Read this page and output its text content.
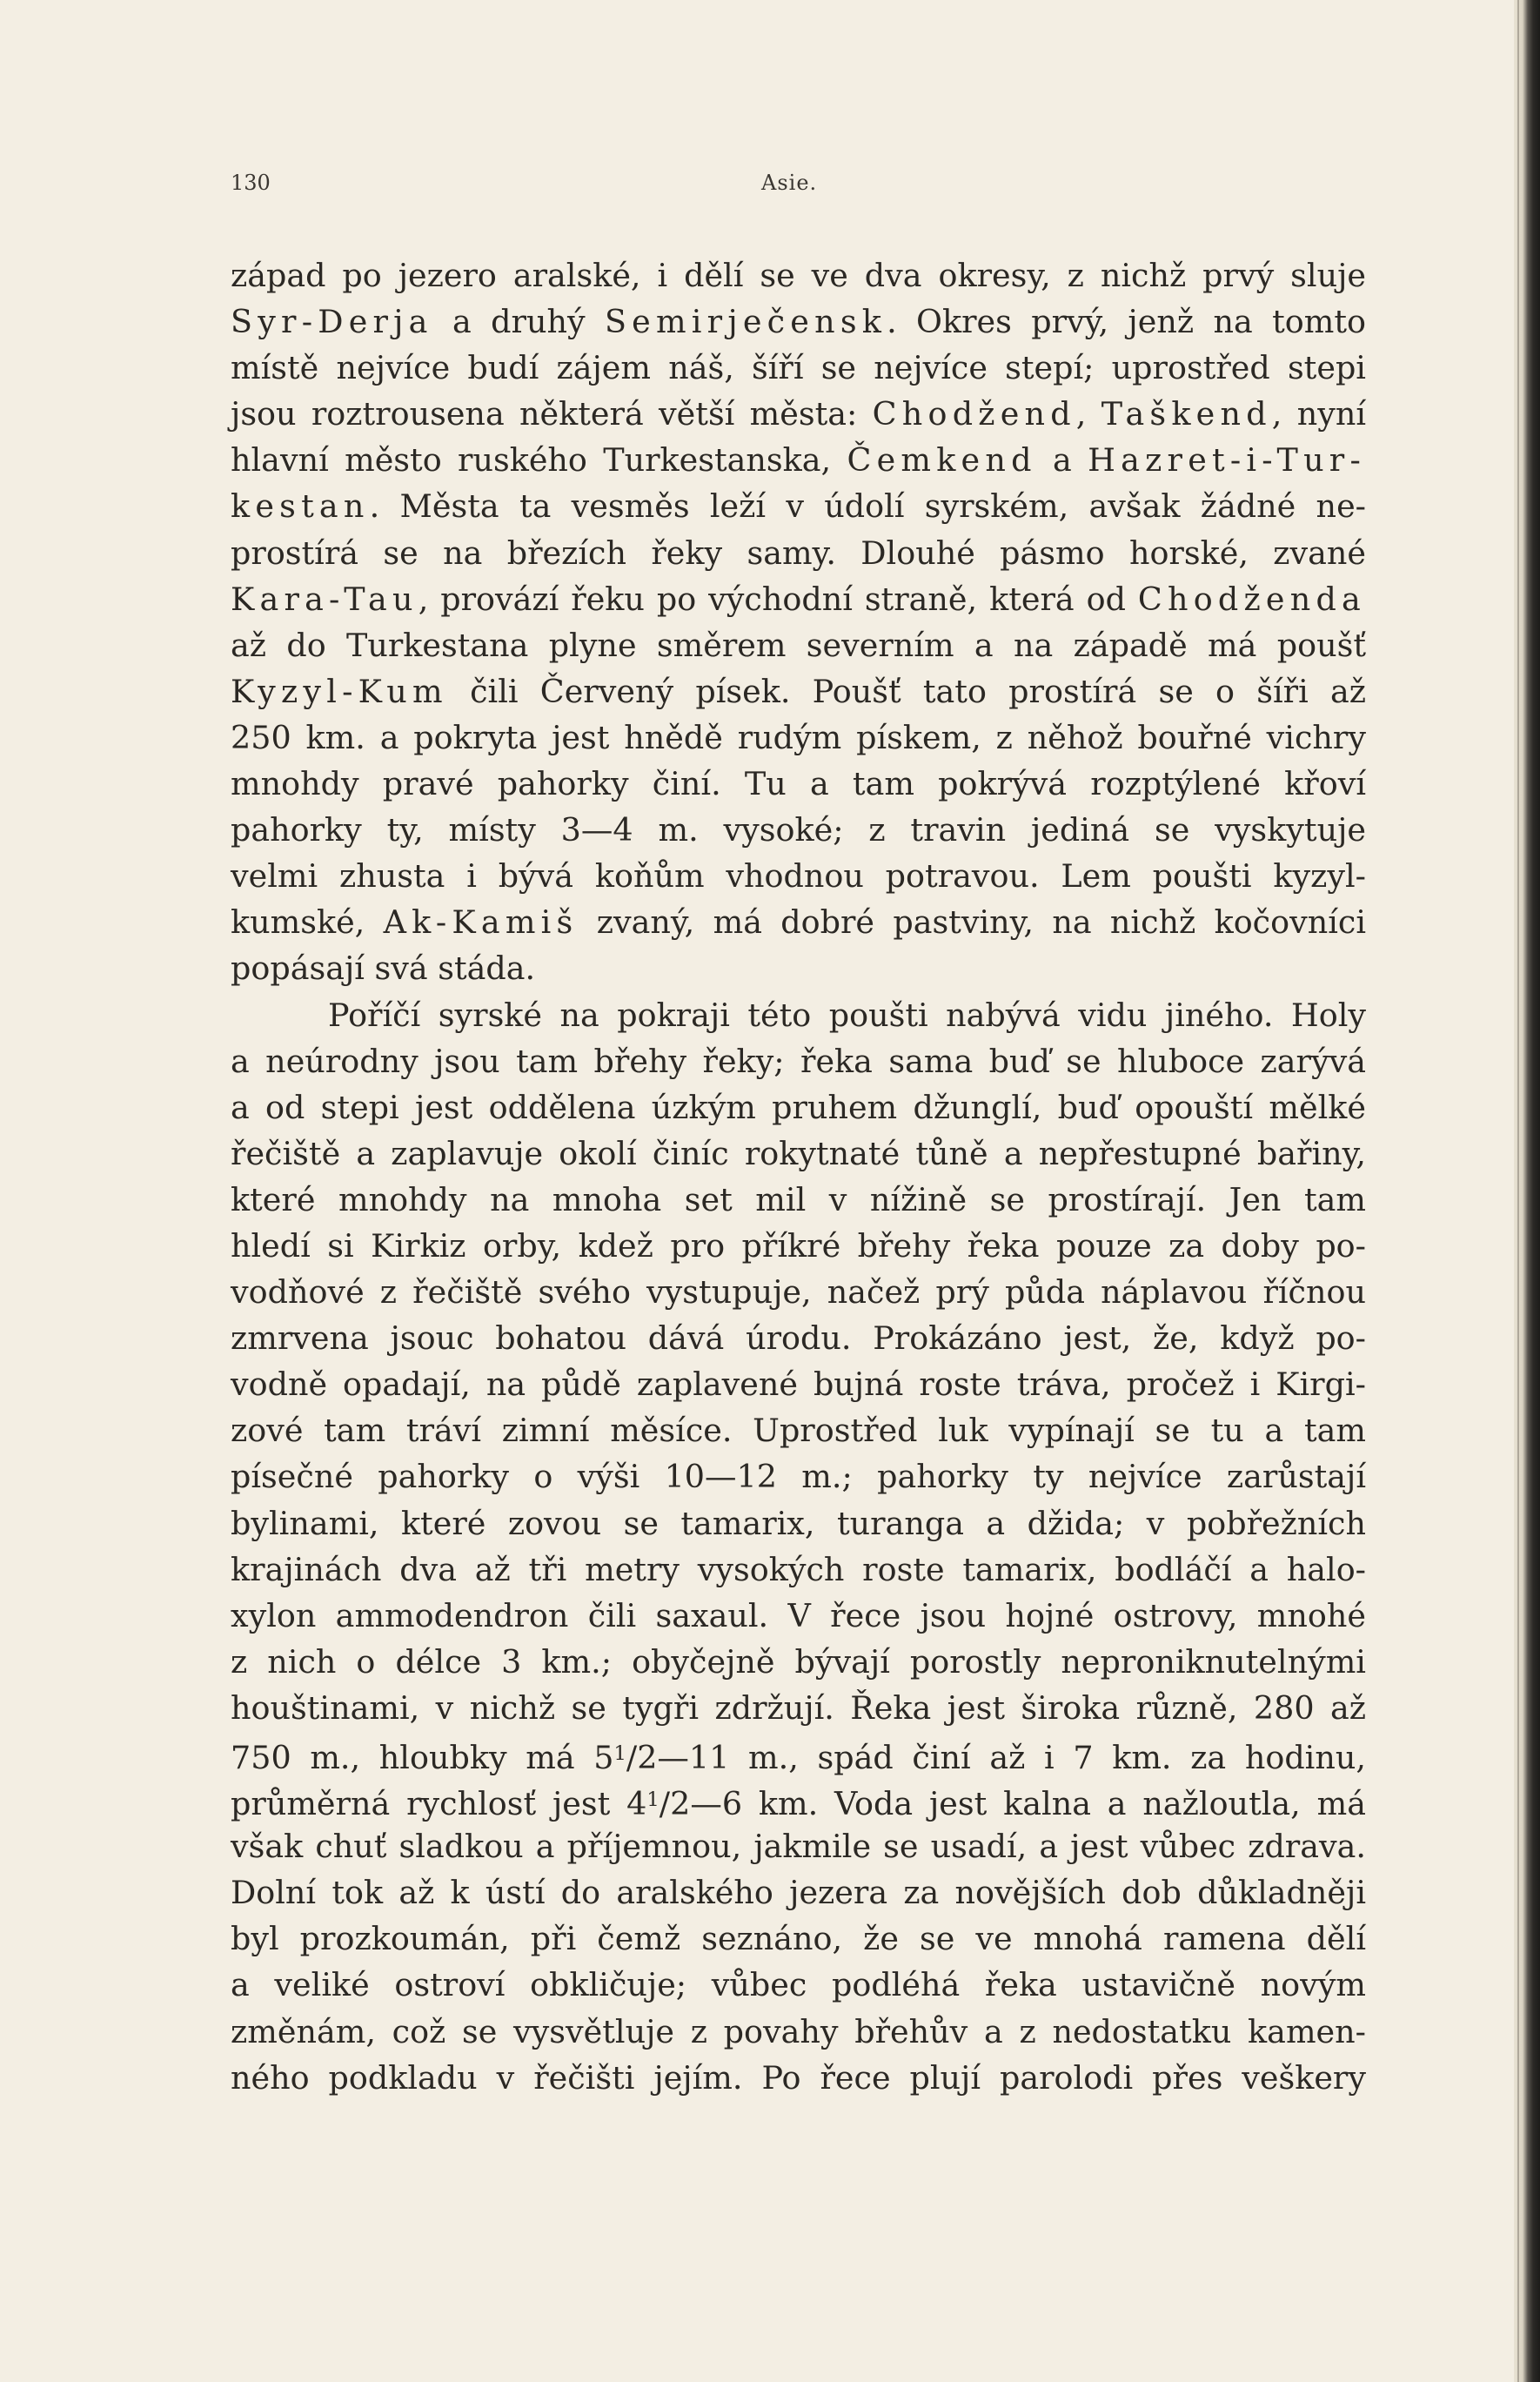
130	Asie.
západ po jezero aralské, i dělí se ve dva okresy, z nichž prvý sluje
Syr-Derja a druhý Semirječensk. Okres prvý, jenž na tomto
místě nejvíce budí zájem náš, šíří se nejvíce stepí; uprostřed stepi
jsou roztrousena některá větší města: Chodžend, Taškend, nyní
hlavní město ruského Turkestanska, Čemkend a Hazret-i-Tur-
kestan. Města ta vesměs leží v údolí syrském, avšak žádné ne-
prostírá se na březích řeky samy. Dlouhé pásmo horské, zvané
Kara-Tau, provází řeku po východní straně, která od Chodženda
až do Turkestana plyne směrem severním a na západě má poušť
Kyzyl-Kum čili Červený písek. Poušť tato prostírá se o šíři až
250 km. a pokryta jest hnědě rudým pískem, z něhož bouřné vichry
mnohdy pravé pahorky činí. Tu a tam pokrývá rozptýlené křoví
pahorky ty, místy 3—4 m. vysoké; z travin jediná se vyskytuje
velmi zhusta i bývá koňům vhodnou potravou. Lem poušti kyzyl-
kumské, Ak-Kamiš zvaný, má dobré pastviny, na nichž kočovníci
popásají svá stáda.
Poříčí syrské na pokraji této poušti nabývá vidu jiného. Holy
a neúrodny jsou tam břehy řeky; řeka sama buď se hluboce zarývá
a od stepi jest oddělena úzkým pruhem džunglí, buď opouští mělké
řečiště a zaplavuje okolí činíc rokytnaté tůně a nepřestupné bařiny,
které mnohdy na mnoha set mil v nížině se prostírají. Jen tam
hledí si Kirkiz orby, kdež pro příkré břehy řeka pouze za doby po-
vodňové z řečiště svého vystupuje, načež prý půda náplavou říčnou
zmrvena jsouc bohatou dává úrodu. Prokázáno jest, že, když po-
vodně opadají, na půdě zaplavené bujná roste tráva, pročež i Kirgi-
zové tam tráví zimní měsíce. Uprostřed luk vypínají se tu a tam
písečné pahorky o výši 10—12 m.; pahorky ty nejvíce zarůstají
bylinami, které zovou se tamarix, turanga a džida; v pobřežních
krajinách dva až tři metry vysokých roste tamarix, bodláčí a halo-
xylon ammodendron čili saxaul. V řece jsou hojné ostrovy, mnohé
z nich o délce 3 km.; obyčejně bývají porostly neproniknutelnými
houštinami, v nichž se tygři zdržují. Řeka jest široka různě, 280 až
750 m., hloubky má $5^1/2—11$ m., spád činí až i 7 km. za hodinu,
průměrná rychlosť jest $4^1/2—6$ km. Voda jest kalna a nažloutla, má
však chuť sladkou a příjemnou, jakmile se usadí, a jest vůbec zdrava.
Dolní tok až k ústí do aralského jezera za novějších dob důkladněji
byl prozkoumán, při čemž seznáno, že se ve mnohá ramena dělí
a veliké ostroví obkličuje; vůbec podléhá řeka ustavičně novým
změnám, což se vysvětluje z povahy břehův a z nedostatku kamen-
ného podkladu v řečišti jejím. Po řece plují parolodi přes veškery
